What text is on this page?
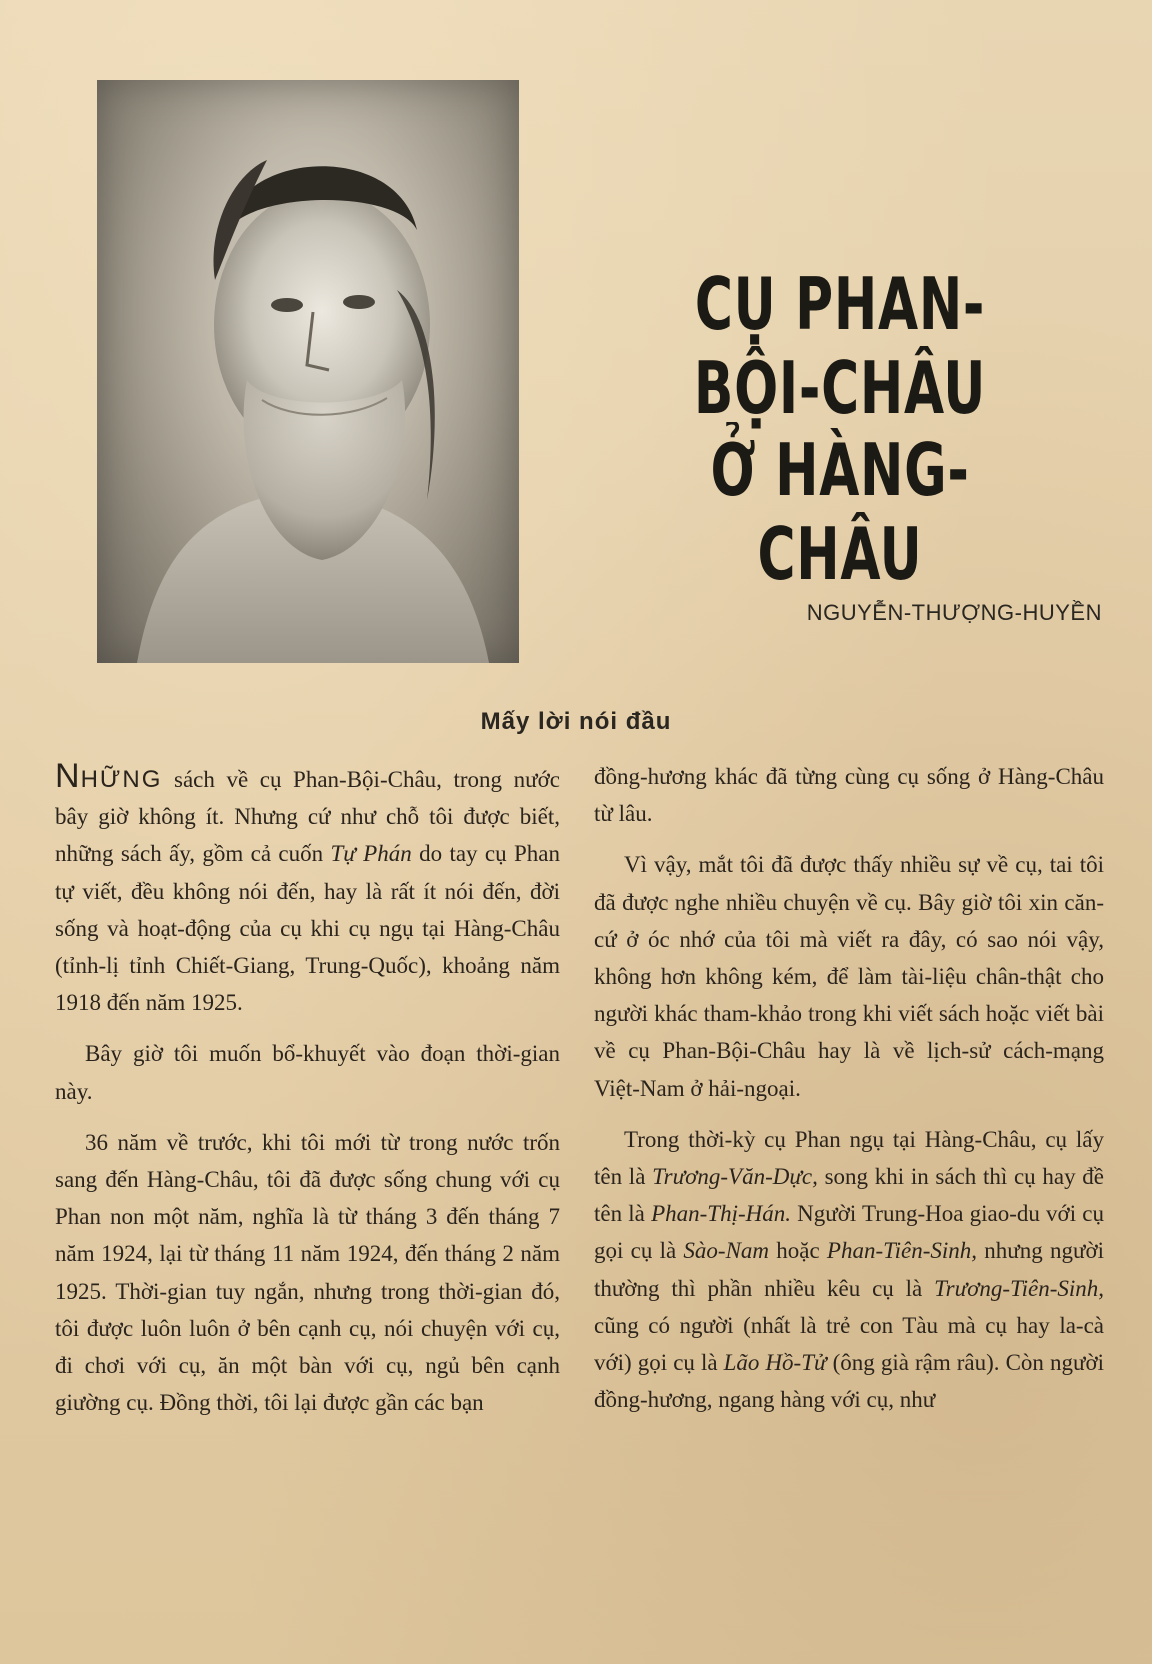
CỤ PHAN-BỘI-CHÂU
Ở HÀNG-CHÂU
NGUYỄN-THƯỢNG-HUYỀN
Mấy lời nói đầu

NHỮNG sách về cụ Phan-Bội-Châu, trong nước bây giờ không ít. Nhưng cứ như chỗ tôi được biết, những sách ấy, gồm cả cuốn Tự Phán do tay cụ Phan tự viết, đều không nói đến, hay là rất ít nói đến, đời sống và hoạt-động của cụ khi cụ ngụ tại Hàng-Châu (tỉnh-lị tỉnh Chiết-Giang, Trung-Quốc), khoảng năm 1918 đến năm 1925.

Bây giờ tôi muốn bổ-khuyết vào đoạn thời-gian này.

36 năm về trước, khi tôi mới từ trong nước trốn sang đến Hàng-Châu, tôi đã được sống chung với cụ Phan non một năm, nghĩa là từ tháng 3 đến tháng 7 năm 1924, lại từ tháng 11 năm 1924, đến tháng 2 năm 1925. Thời-gian tuy ngắn, nhưng trong thời-gian đó, tôi được luôn luôn ở bên cạnh cụ, nói chuyện với cụ, đi chơi với cụ, ăn một bàn với cụ, ngủ bên cạnh giường cụ. Đồng thời, tôi lại được gần các bạn

đồng-hương khác đã từng cùng cụ sống ở Hàng-Châu từ lâu.

Vì vậy, mắt tôi đã được thấy nhiều sự về cụ, tai tôi đã được nghe nhiều chuyện về cụ. Bây giờ tôi xin căn-cứ ở óc nhớ của tôi mà viết ra đây, có sao nói vậy, không hơn không kém, để làm tài-liệu chân-thật cho người khác tham-khảo trong khi viết sách hoặc viết bài về cụ Phan-Bội-Châu hay là về lịch-sử cách-mạng Việt-Nam ở hải-ngoại.

Trong thời-kỳ cụ Phan ngụ tại Hàng-Châu, cụ lấy tên là Trương-Văn-Dực, song khi in sách thì cụ hay đề tên là Phan-Thị-Hán. Người Trung-Hoa giao-du với cụ gọi cụ là Sào-Nam hoặc Phan-Tiên-Sinh, nhưng người thường thì phần nhiều kêu cụ là Trương-Tiên-Sinh, cũng có người (nhất là trẻ con Tàu mà cụ hay la-cà với) gọi cụ là Lão Hồ-Tử (ông già rậm râu). Còn người đồng-hương, ngang hàng với cụ, như
